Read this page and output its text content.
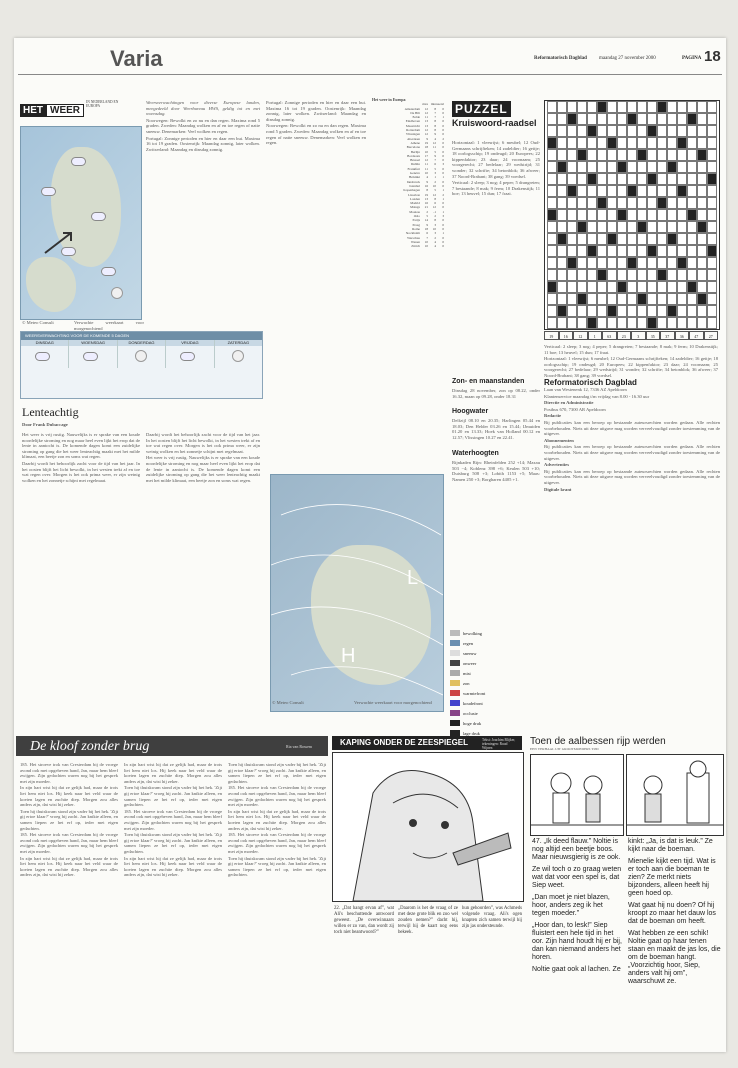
Varia	Reformatorisch Dagblad maandag 27 november 2000	PAGINA 18
HET WEERIN NEDERLAND EN EUROPA
© Meteo Consult	Verwachte weerkaart voor morgenochtend
WEERSVERWACHTING VOOR DE KOMENDE 5 DAGEN
DINSDAG	WOENSDAG	DONDERDAG	VRIJDAG	ZATERDAG
Lenteachtig
Door Frank Dubaccage

Het weer is vrij rustig. Nauwelijks is er sprake van een koude noordelijke stroming en nog maar heel even lijkt het erop dat de lente in aantocht is. De komende dagen komt een zuidelijke stroming op gang die het weer lenteachtig maakt met het milde klimaat, een beetje zon en soms wat regen.

Daarbij wordt het behoorlijk zacht voor de tijd van het jaar. In het oosten blijft het licht bewolkt, in het westen trekt af en toe wat regen over. Morgen is het ook prima weer, er zijn weinig wolken en het zonnetje schijnt met regelmaat.

Daarbij wordt het behoorlijk zacht voor de tijd van het jaar. In het oosten blijft het licht bewolkt, in het westen trekt af en toe wat regen over. Morgen is het ook prima weer, er zijn weinig wolken en het zonnetje schijnt met regelmaat.

Het weer is vrij rustig. Nauwelijks is er sprake van een koude noordelijke stroming en nog maar heel even lijkt het erop dat de lente in aantocht is. De komende dagen komt een zuidelijke stroming op gang die het weer lenteachtig maakt met het milde klimaat, een beetje zon en soms wat regen.

Weersverwachtingen voor diverse Europese landen, meegedeeld door Weerbureau HWS, geldig tot en met woensdag.

Noorwegen: Bewolkt en zo nu en dan regen. Maxima rond 5 graden. Zweden: Maandag wolken en af en toe regen of natte sneeuw. Denemarken: Veel wolken en regen.

Portugal: Zonnige perioden en hier en daar een bui. Maxima 16 tot 19 graden. Oostenrijk: Maandag zonnig, later wolken. Zwitserland: Maandag en dinsdag zonnig.

Portugal: Zonnige perioden en hier en daar een bui. Maxima 16 tot 19 graden. Oostenrijk: Maandag zonnig, later wolken. Zwitserland: Maandag en dinsdag zonnig.

Noorwegen: Bewolkt en zo nu en dan regen. Maxima rond 5 graden. Zweden: Maandag wolken en af en toe regen of natte sneeuw. Denemarken: Veel wolken en regen.

Het weer in Europa
max min neersl
Amsterdam	12	8	0
De Bilt	12	7	0
Eelde	11	7	1
Eindhoven	13	8	0
Maastricht	13	8	0
Rotterdam	12	8	0
Vlissingen	12	9	0
Aberdeen	9	4	2
Athene	19	12	0
Barcelona	18	11	0
Berlijn	10	5	0
Bordeaux	17	9	0
Brussel	12	7	0
Dublin	11	6	3
Frankfurt	11	5	0
Genève	10	3	0
Helsinki	4	1	1
Innsbruck	9	2	0
Istanbul	16	10	0
Kopenhagen	8	5	1
Lissabon	19	12	2
Londen	13	8	1
Madrid	16	6	0
Malaga	21	12	0
Moskou	2	-1	1
Oslo	5	2	3
Parijs	14	8	0
Praag	9	3	0
Rome	18	10	0
Stockholm	6	3	1
Warschau	7	2	0
Wenen	10	4	0
Zürich	10	4	0
PUZZEL
Kruiswoord-raadsel

Horizontaal: 1 vleesrijst; 6 meubel; 12 Oud-Germaans schrijfteken; 14 zadeldier; 16 geitje; 18 oorlogsschip; 19 ondeugd; 20 Europees; 22 kippenfaktor; 23 daar; 24 voornaam; 25 voorgerecht; 27 bedelaar; 29 wedstrijd; 31 wonder; 32 schrifte; 34 betonblok; 36 afweer; 37 Noord-Brabant; 38 gang; 39 voedsel.

Verticaal: 2 sleep; 3 nog; 4 peper; 5 drangreien; 7 bestaande; 8 mak; 9 ferm; 10 Drakenstijk; 11 boe; 13 heuvel; 15 dun; 17 fraai.

19	16	12	1	63	23	3	35	37	36	47	27

Verticaal: 2 sleep; 3 nog; 4 peper; 5 drangreien; 7 bestaande; 8 mak; 9 ferm; 10 Drakenstijk; 11 boe; 13 heuvel; 15 dun; 17 fraai.

Horizontaal: 1 vleesrijst; 6 meubel; 12 Oud-Germaans schrijfteken; 14 zadeldier; 16 geitje; 18 oorlogsschip; 19 ondeugd; 20 Europees; 22 kippenfaktor; 23 daar; 24 voornaam; 25 voorgerecht; 27 bedelaar; 29 wedstrijd; 31 wonder; 32 schrifte; 34 betonblok; 36 afweer; 37 Noord-Brabant; 38 gang; 39 voedsel.

Zon- en maanstanden
Dinsdag 28 november, zon op 08.22, onder 16.32, maan op 09.28, onder 18.31
Hoogwater
Delfzijl 08.10 en 20.35; Harlingen 05.44 en 18.03; Den Helder 03.26 en 15.44; IJmuiden 01.20 en 13.33; Hoek van Holland 00.12 en 12.57; Vlissingen 10.27 en 22.41.
Waterhoogten
Rijnkaden Rijn: Rheinfelden 252 +14; Maxau 503 −4; Koblenz 398 +6; Keulen 503 +10; Duisburg 508 +3; Lobith 1153 +5; Maas: Namen 250 +3; Borgharen 4405 +1.
Reformatorisch Dagblad

Laan van Westenenk 12, 7336 AZ Apeldoorn

Klantenservice maandag t/m vrijdag van 8.00 - 16.30 uur

Directie en Administratie

Postbus 670, 7300 AR Apeldoorn

Redactie

Bij publicaties kan een beroep op bestaande auteursrechten worden gedaan. Alle rechten voorbehouden. Niets uit deze uitgave mag worden verveelvoudigd zonder toestemming van de uitgever.

Abonnementen

Bij publicaties kan een beroep op bestaande auteursrechten worden gedaan. Alle rechten voorbehouden. Niets uit deze uitgave mag worden verveelvoudigd zonder toestemming van de uitgever.

Advertenties

Bij publicaties kan een beroep op bestaande auteursrechten worden gedaan. Alle rechten voorbehouden. Niets uit deze uitgave mag worden verveelvoudigd zonder toestemming van de uitgever.

Digitale krant

L
H
© Meteo Consult	Verwachte weerkaart voor morgenochtend
bewolking
regen
sneeuw
onweer
mist
zon
warmtefront
koudefront
occlusie
hoge druk
lage druk
De kloof zonder brug	Ria van Rossem

185. Het stroeve trok van Cresterdam bij de vroege avond ook met opgeheven hand, Jan, maar hem bleef zwijgen. Zijn gedachten waren nog bij het gesprek met zijn moeder.

In zijn hart wist hij dat ze gelijk had, maar de trots liet hem niet los. Hij keek naar het veld waar de koeien lagen en zuchtte diep. Morgen zou alles anders zijn, dat wist hij zeker.

Toen hij thuiskwam stond zijn vader bij het hek. 'Zijt gij ertoe klaar?' vroeg hij zacht. Jan knikte alleen, en samen liepen ze het erf op, ieder met eigen gedachten.

185. Het stroeve trok van Cresterdam bij de vroege avond ook met opgeheven hand, Jan, maar hem bleef zwijgen. Zijn gedachten waren nog bij het gesprek met zijn moeder.

In zijn hart wist hij dat ze gelijk had, maar de trots liet hem niet los. Hij keek naar het veld waar de koeien lagen en zuchtte diep. Morgen zou alles anders zijn, dat wist hij zeker.

In zijn hart wist hij dat ze gelijk had, maar de trots liet hem niet los. Hij keek naar het veld waar de koeien lagen en zuchtte diep. Morgen zou alles anders zijn, dat wist hij zeker.

Toen hij thuiskwam stond zijn vader bij het hek. 'Zijt gij ertoe klaar?' vroeg hij zacht. Jan knikte alleen, en samen liepen ze het erf op, ieder met eigen gedachten.

185. Het stroeve trok van Cresterdam bij de vroege avond ook met opgeheven hand, Jan, maar hem bleef zwijgen. Zijn gedachten waren nog bij het gesprek met zijn moeder.

Toen hij thuiskwam stond zijn vader bij het hek. 'Zijt gij ertoe klaar?' vroeg hij zacht. Jan knikte alleen, en samen liepen ze het erf op, ieder met eigen gedachten.

In zijn hart wist hij dat ze gelijk had, maar de trots liet hem niet los. Hij keek naar het veld waar de koeien lagen en zuchtte diep. Morgen zou alles anders zijn, dat wist hij zeker.

Toen hij thuiskwam stond zijn vader bij het hek. 'Zijt gij ertoe klaar?' vroeg hij zacht. Jan knikte alleen, en samen liepen ze het erf op, ieder met eigen gedachten.

185. Het stroeve trok van Cresterdam bij de vroege avond ook met opgeheven hand, Jan, maar hem bleef zwijgen. Zijn gedachten waren nog bij het gesprek met zijn moeder.

In zijn hart wist hij dat ze gelijk had, maar de trots liet hem niet los. Hij keek naar het veld waar de koeien lagen en zuchtte diep. Morgen zou alles anders zijn, dat wist hij zeker.

185. Het stroeve trok van Cresterdam bij de vroege avond ook met opgeheven hand, Jan, maar hem bleef zwijgen. Zijn gedachten waren nog bij het gesprek met zijn moeder.

Toen hij thuiskwam stond zijn vader bij het hek. 'Zijt gij ertoe klaar?' vroeg hij zacht. Jan knikte alleen, en samen liepen ze het erf op, ieder met eigen gedachten.

KAPING ONDER DE ZEESPIEGEL	Tekst: Joachim Blijker, tekeningen: Ruud Wijnen
22. „Dat hangt ervan af”, wat Ali's beschuttende antwoord geweest. „De overwinnaars willen er zo van, dan wordt zij toch niet beantwoord?”
„Daarom is het de vraag of ze met deze grote blik en zoo wel zouden nemen?” dacht hij, terwijl hij de kaart nog eens bekeek.
hun gehoorden”, was Achmeds volgende vraag. Ali's ogen knapten zich samen terwijl hij zijn jas ondersteunde.
Toen de aalbessen rijp werden
EEN VERHAAL UIT GROOTMOEDERS TIJD
47. „Ik deed flauw.” Noltie is nog altijd een beetje boos. Maar nieuwsgierig is ze ook.
Ze wil toch o zo graag weten wat dat voor een spel is, dat Siep weet.
„Dan moet je niet blazen, hoor, anders zeg ik het tegen moeder.”
„Hoor dan, to lesk!” Siep fluistert een hele tijd in het oor. Zijn hand houdt hij er bij, dan kan niemand anders het horen.
Noltie gaat ook al lachen. Ze
kinkt: „Ja, is dat is leuk.” Ze kijkt naar de boeman.
Mienelie kijkt een tijd. Wat is er toch aan die boeman te zien? Ze merkt niets bijzonders, alleen heeft hij geen hoed op.
Wat gaat hij nu doen? Of hij kroopt zo maar het dauw los dat de boeman om heeft.
Wat hebben ze een schik! Noltie gaat op haar tenen staan en maakt de jas los, die om de boeman hangt. „Voorzichtig hoor, Siep, anders valt hij om”, waarschuwt ze.
